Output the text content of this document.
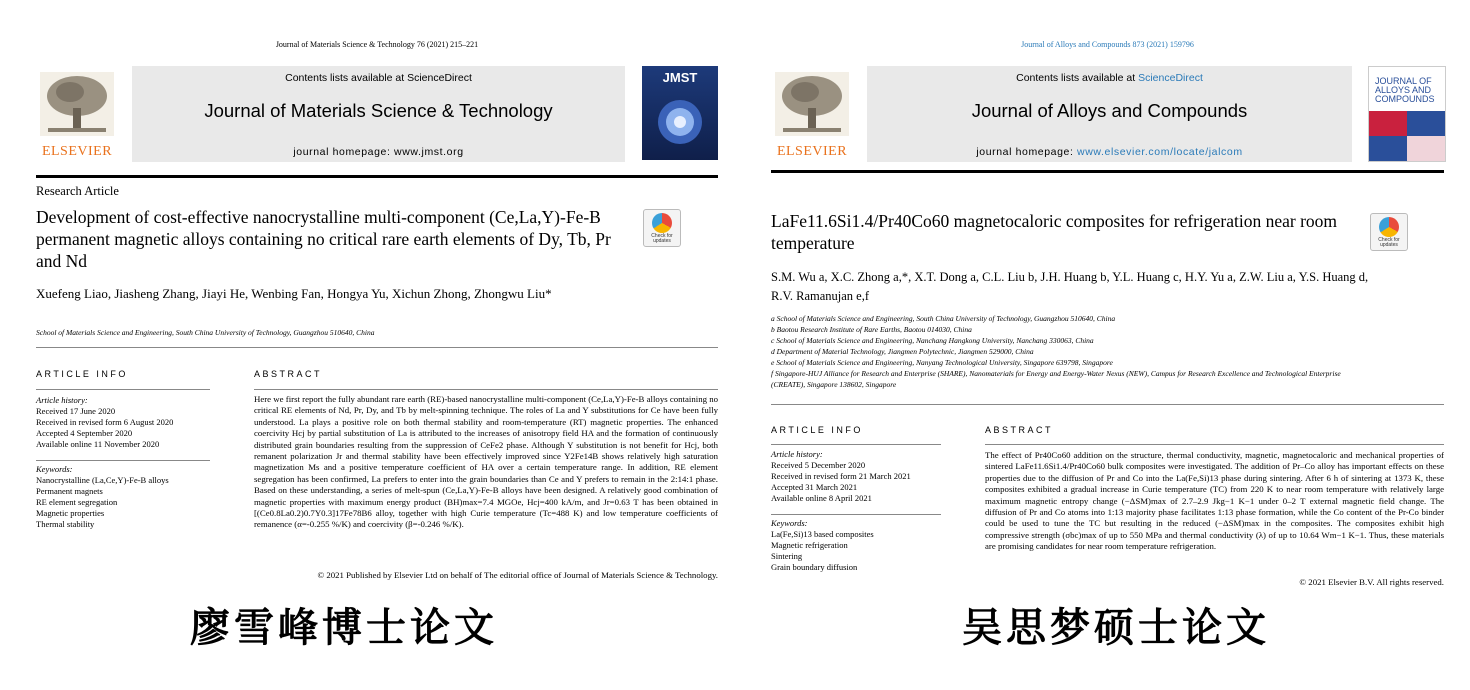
Journal of Materials Science & Technology 76 (2021) 215–221
ELSEVIER
Contents lists available at ScienceDirect
Journal of Materials Science & Technology
journal homepage: www.jmst.org
JMST
Research Article
Development of cost-effective nanocrystalline multi-component (Ce,La,Y)-Fe-B permanent magnetic alloys containing no critical rare earth elements of Dy, Tb, Pr and Nd
Check for updates
Xuefeng Liao, Jiasheng Zhang, Jiayi He, Wenbing Fan, Hongya Yu, Xichun Zhong, Zhongwu Liu*
School of Materials Science and Engineering, South China University of Technology, Guangzhou 510640, China
ARTICLE INFO	ABSTRACT
Article history:
Received 17 June 2020
Received in revised form 6 August 2020
Accepted 4 September 2020
Available online 11 November 2020
Keywords:
Nanocrystalline (La,Ce,Y)-Fe-B alloys
Permanent magnets
RE element segregation
Magnetic properties
Thermal stability
Here we first report the fully abundant rare earth (RE)-based nanocrystalline multi-component (Ce,La,Y)-Fe-B alloys containing no critical RE elements of Nd, Pr, Dy, and Tb by melt-spinning technique. The roles of La and Y substitutions for Ce have been fully understood. La plays a positive role on both thermal stability and room-temperature (RT) magnetic properties. The enhanced coercivity Hcj by partial substitution of La is attributed to the increases of anisotropy field HA and the formation of continuously distributed grain boundaries resulting from the suppression of CeFe2 phase. Although Y substitution is not benefit for Hcj, both remanent polarization Jr and thermal stability have been effectively improved since Y2Fe14B shows relatively high saturation magnetization Ms and a positive temperature coefficient of HA over a certain temperature range. In addition, RE element segregation has been confirmed, La prefers to enter into the grain boundaries than Ce and Y prefers to remain in the 2:14:1 phase. Based on these understanding, a series of melt-spun (Ce,La,Y)-Fe-B alloys have been designed. A relatively good combination of magnetic properties with maximum energy product (BH)max=7.4 MGOe, Hcj=400 kA/m, and Jr=0.63 T has been obtained in [(Ce0.8La0.2)0.7Y0.3]17Fe78B6 alloy, together with high Curie temperature (Tc=488 K) and low temperature coefficients of remanence (α=-0.255 %/K) and coercivity (β=-0.246 %/K).
© 2021 Published by Elsevier Ltd on behalf of The editorial office of Journal of Materials Science & Technology.
廖雪峰博士论文
Journal of Alloys and Compounds 873 (2021) 159796
ELSEVIER
Contents lists available at ScienceDirect
Journal of Alloys and Compounds
journal homepage: www.elsevier.com/locate/jalcom
JOURNAL OF ALLOYS AND COMPOUNDS
LaFe11.6Si1.4/Pr40Co60 magnetocaloric composites for refrigeration near room temperature	Check for updates
S.M. Wu a, X.C. Zhong a,*, X.T. Dong a, C.L. Liu b, J.H. Huang b, Y.L. Huang c, H.Y. Yu a, Z.W. Liu a, Y.S. Huang d, R.V. Ramanujan e,f
a School of Materials Science and Engineering, South China University of Technology, Guangzhou 510640, China
b Baotou Research Institute of Rare Earths, Baotou 014030, China
c School of Materials Science and Engineering, Nanchang Hangkong University, Nanchang 330063, China
d Department of Material Technology, Jiangmen Polytechnic, Jiangmen 529000, China
e School of Materials Science and Engineering, Nanyang Technological University, Singapore 639798, Singapore
f Singapore-HUJ Alliance for Research and Enterprise (SHARE), Nanomaterials for Energy and Energy-Water Nexus (NEW), Campus for Research Excellence and Technological Enterprise (CREATE), Singapore 138602, Singapore
ARTICLE INFO	ABSTRACT
Article history:
Received 5 December 2020
Received in revised form 21 March 2021
Accepted 31 March 2021
Available online 8 April 2021
Keywords:
La(Fe,Si)13 based composites
Magnetic refrigeration
Sintering
Grain boundary diffusion
The effect of Pr40Co60 addition on the structure, thermal conductivity, magnetic, magnetocaloric and mechanical properties of sintered LaFe11.6Si1.4/Pr40Co60 bulk composites were investigated. The addition of Pr–Co alloy has important effects on these properties due to the diffusion of Pr and Co into the La(Fe,Si)13 phase during sintering. After 6 h of sintering at 1373 K, these composites exhibited a gradual increase in Curie temperature (TC) from 220 K to near room temperature with relatively large maximum magnetic entropy change (−ΔSM)max of 2.7–2.9 Jkg−1 K−1 under 0–2 T external magnetic field change. The diffusion of Pr and Co atoms into 1:13 majority phase facilitates 1:13 phase formation, while the Co content of the Pr-Co binder could be used to tune the TC but resulting in the reduced (−ΔSM)max in the composites. The composites exhibit high compressive strength (σbc)max of up to 550 MPa and thermal conductivity (λ) of up to 10.64 Wm−1 K−1. Thus, these materials are promising candidates for near room temperature refrigeration.
© 2021 Elsevier B.V. All rights reserved.
吴思梦硕士论文
